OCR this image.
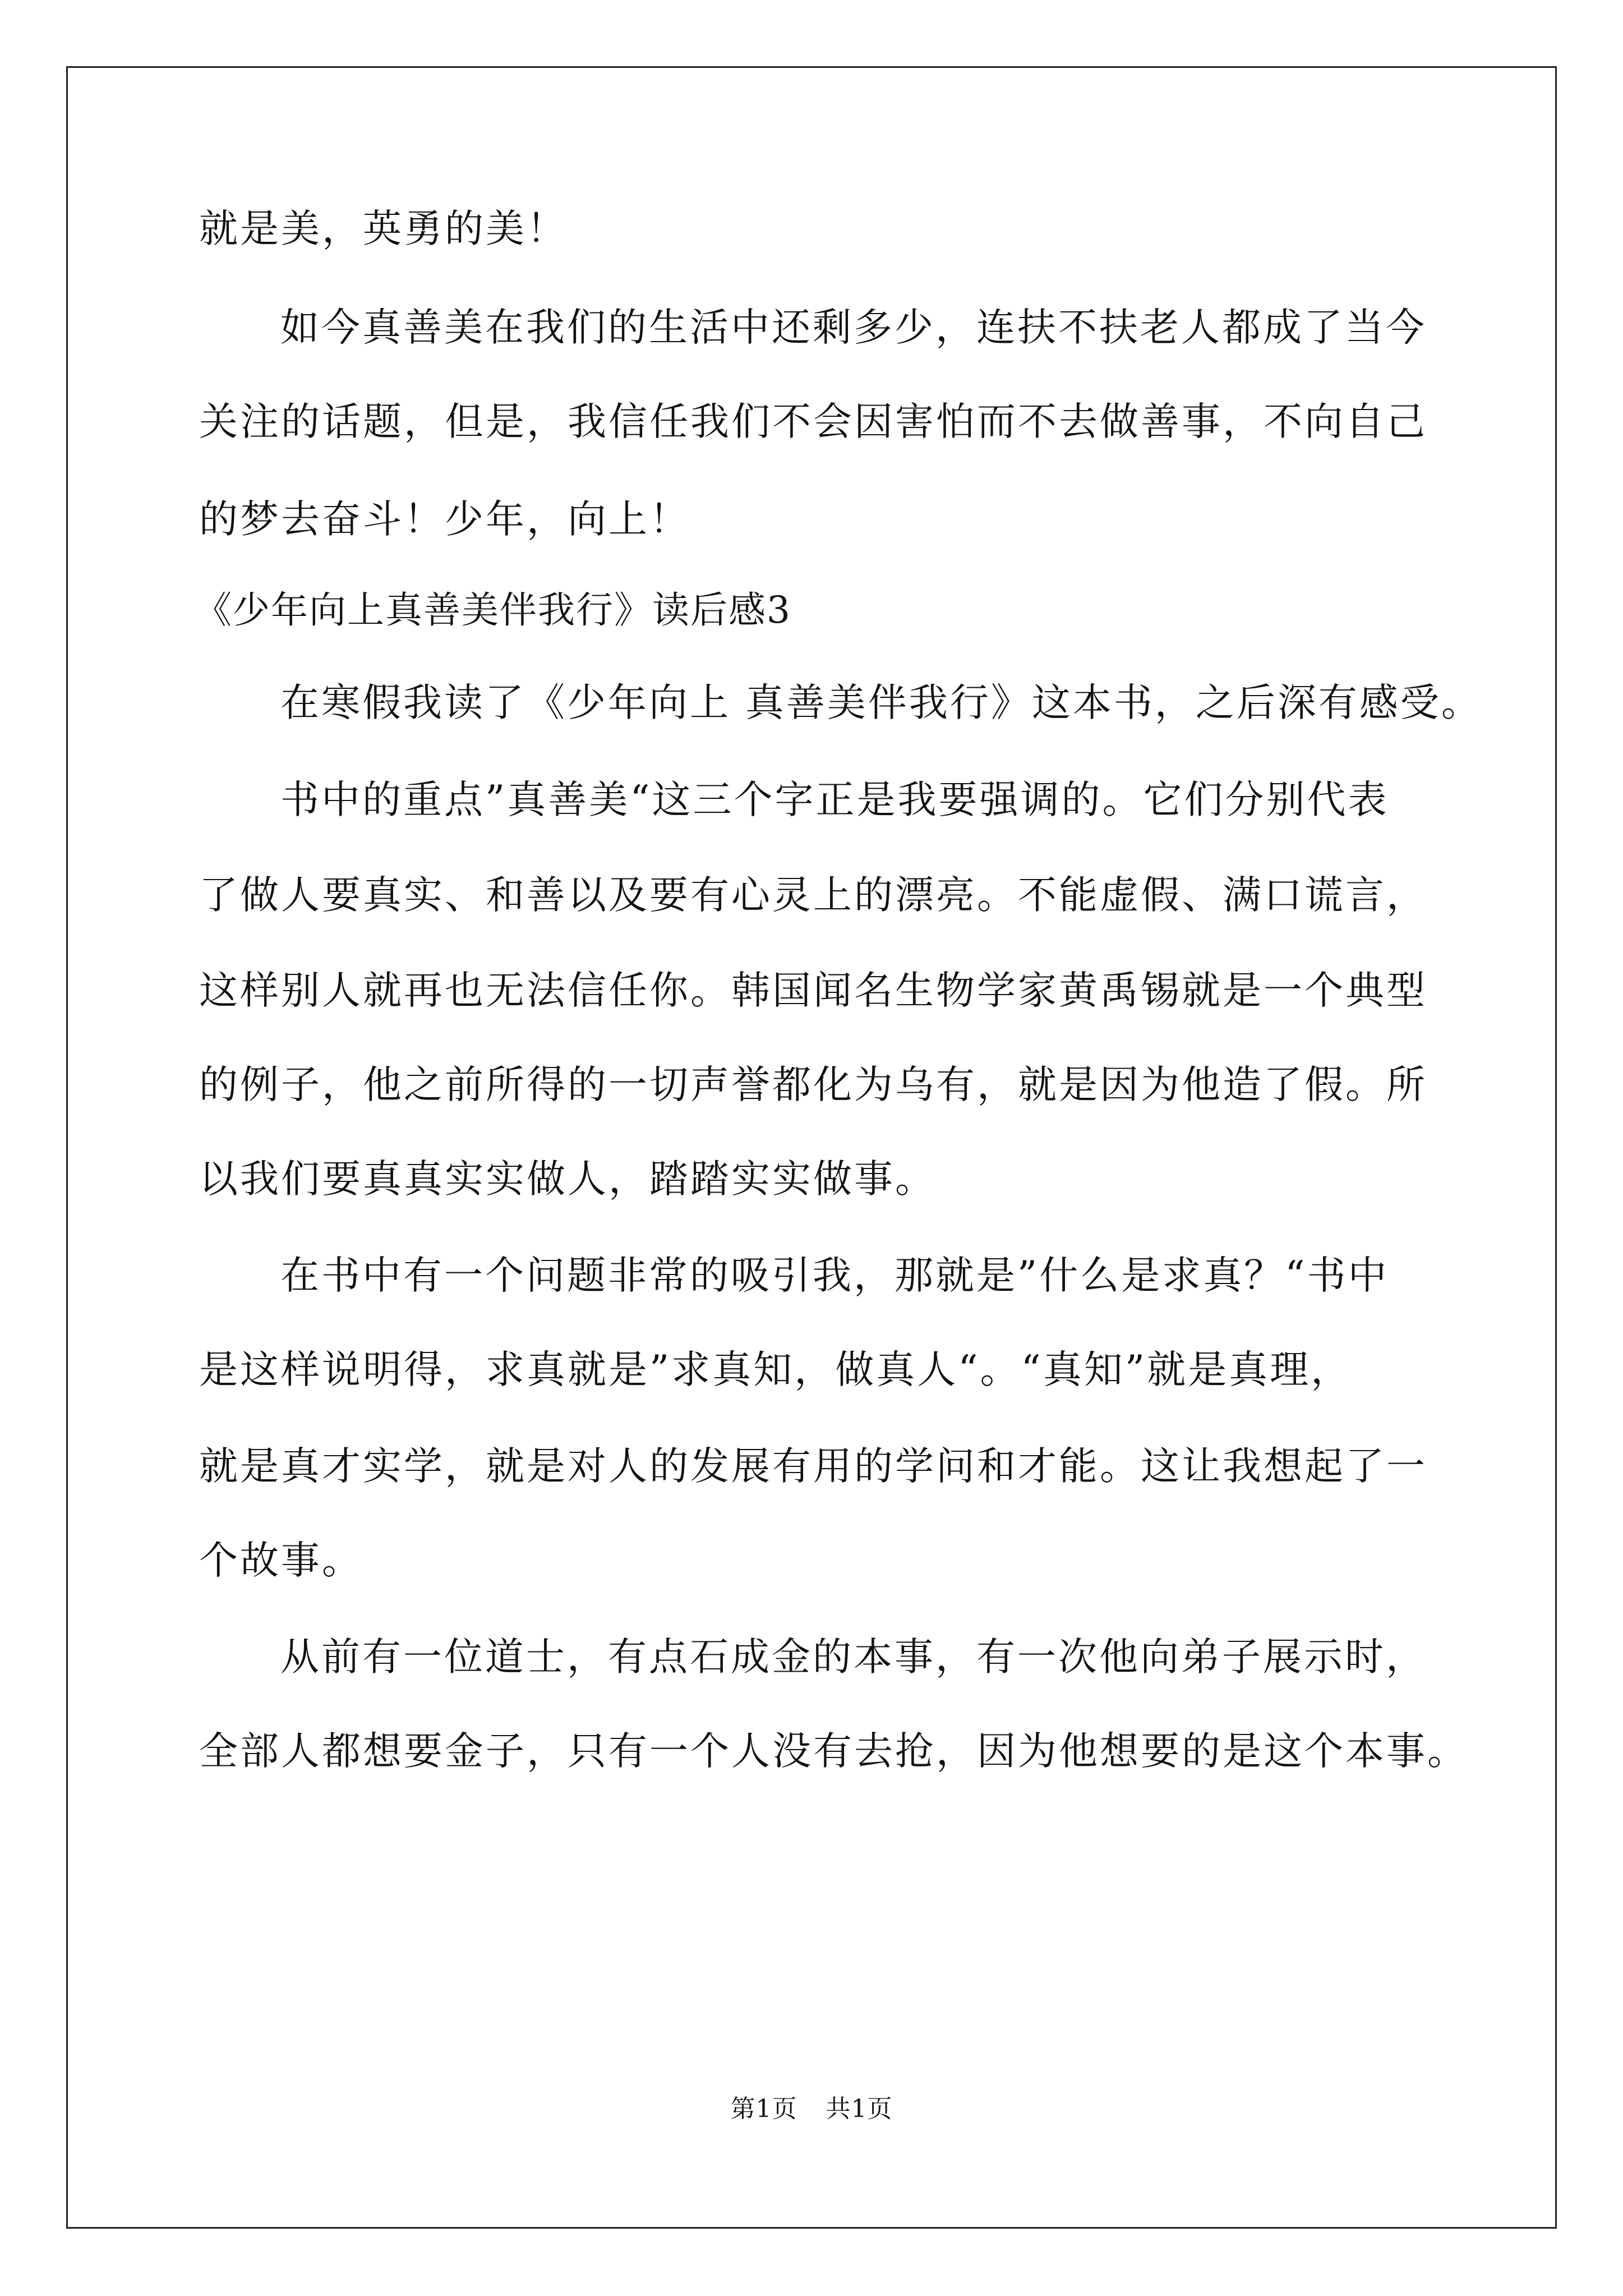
就是美，英勇的美！
如今真善美在我们的生活中还剩多少，连扶不扶老人都成了当今
关注的话题，但是，我信任我们不会因害怕而不去做善事，不向自己
的梦去奋斗！少年，向上！
《少年向上真善美伴我行》读后感3
在寒假我读了《少年向上 真善美伴我行》这本书，之后深有感受。
书中的重点”真善美“这三个字正是我要强调的。它们分别代表
了做人要真实、和善以及要有心灵上的漂亮。不能虚假、满口谎言，
这样别人就再也无法信任你。韩国闻名生物学家黄禹锡就是一个典型
的例子，他之前所得的一切声誉都化为乌有，就是因为他造了假。所
以我们要真真实实做人，踏踏实实做事。
在书中有一个问题非常的吸引我，那就是”什么是求真？“书中
是这样说明得，求真就是”求真知，做真人“。“真知”就是真理，
就是真才实学，就是对人的发展有用的学问和才能。这让我想起了一
个故事。
从前有一位道士，有点石成金的本事，有一次他向弟子展示时，
全部人都想要金子，只有一个人没有去抢，因为他想要的是这个本事。
第1页 共1页
